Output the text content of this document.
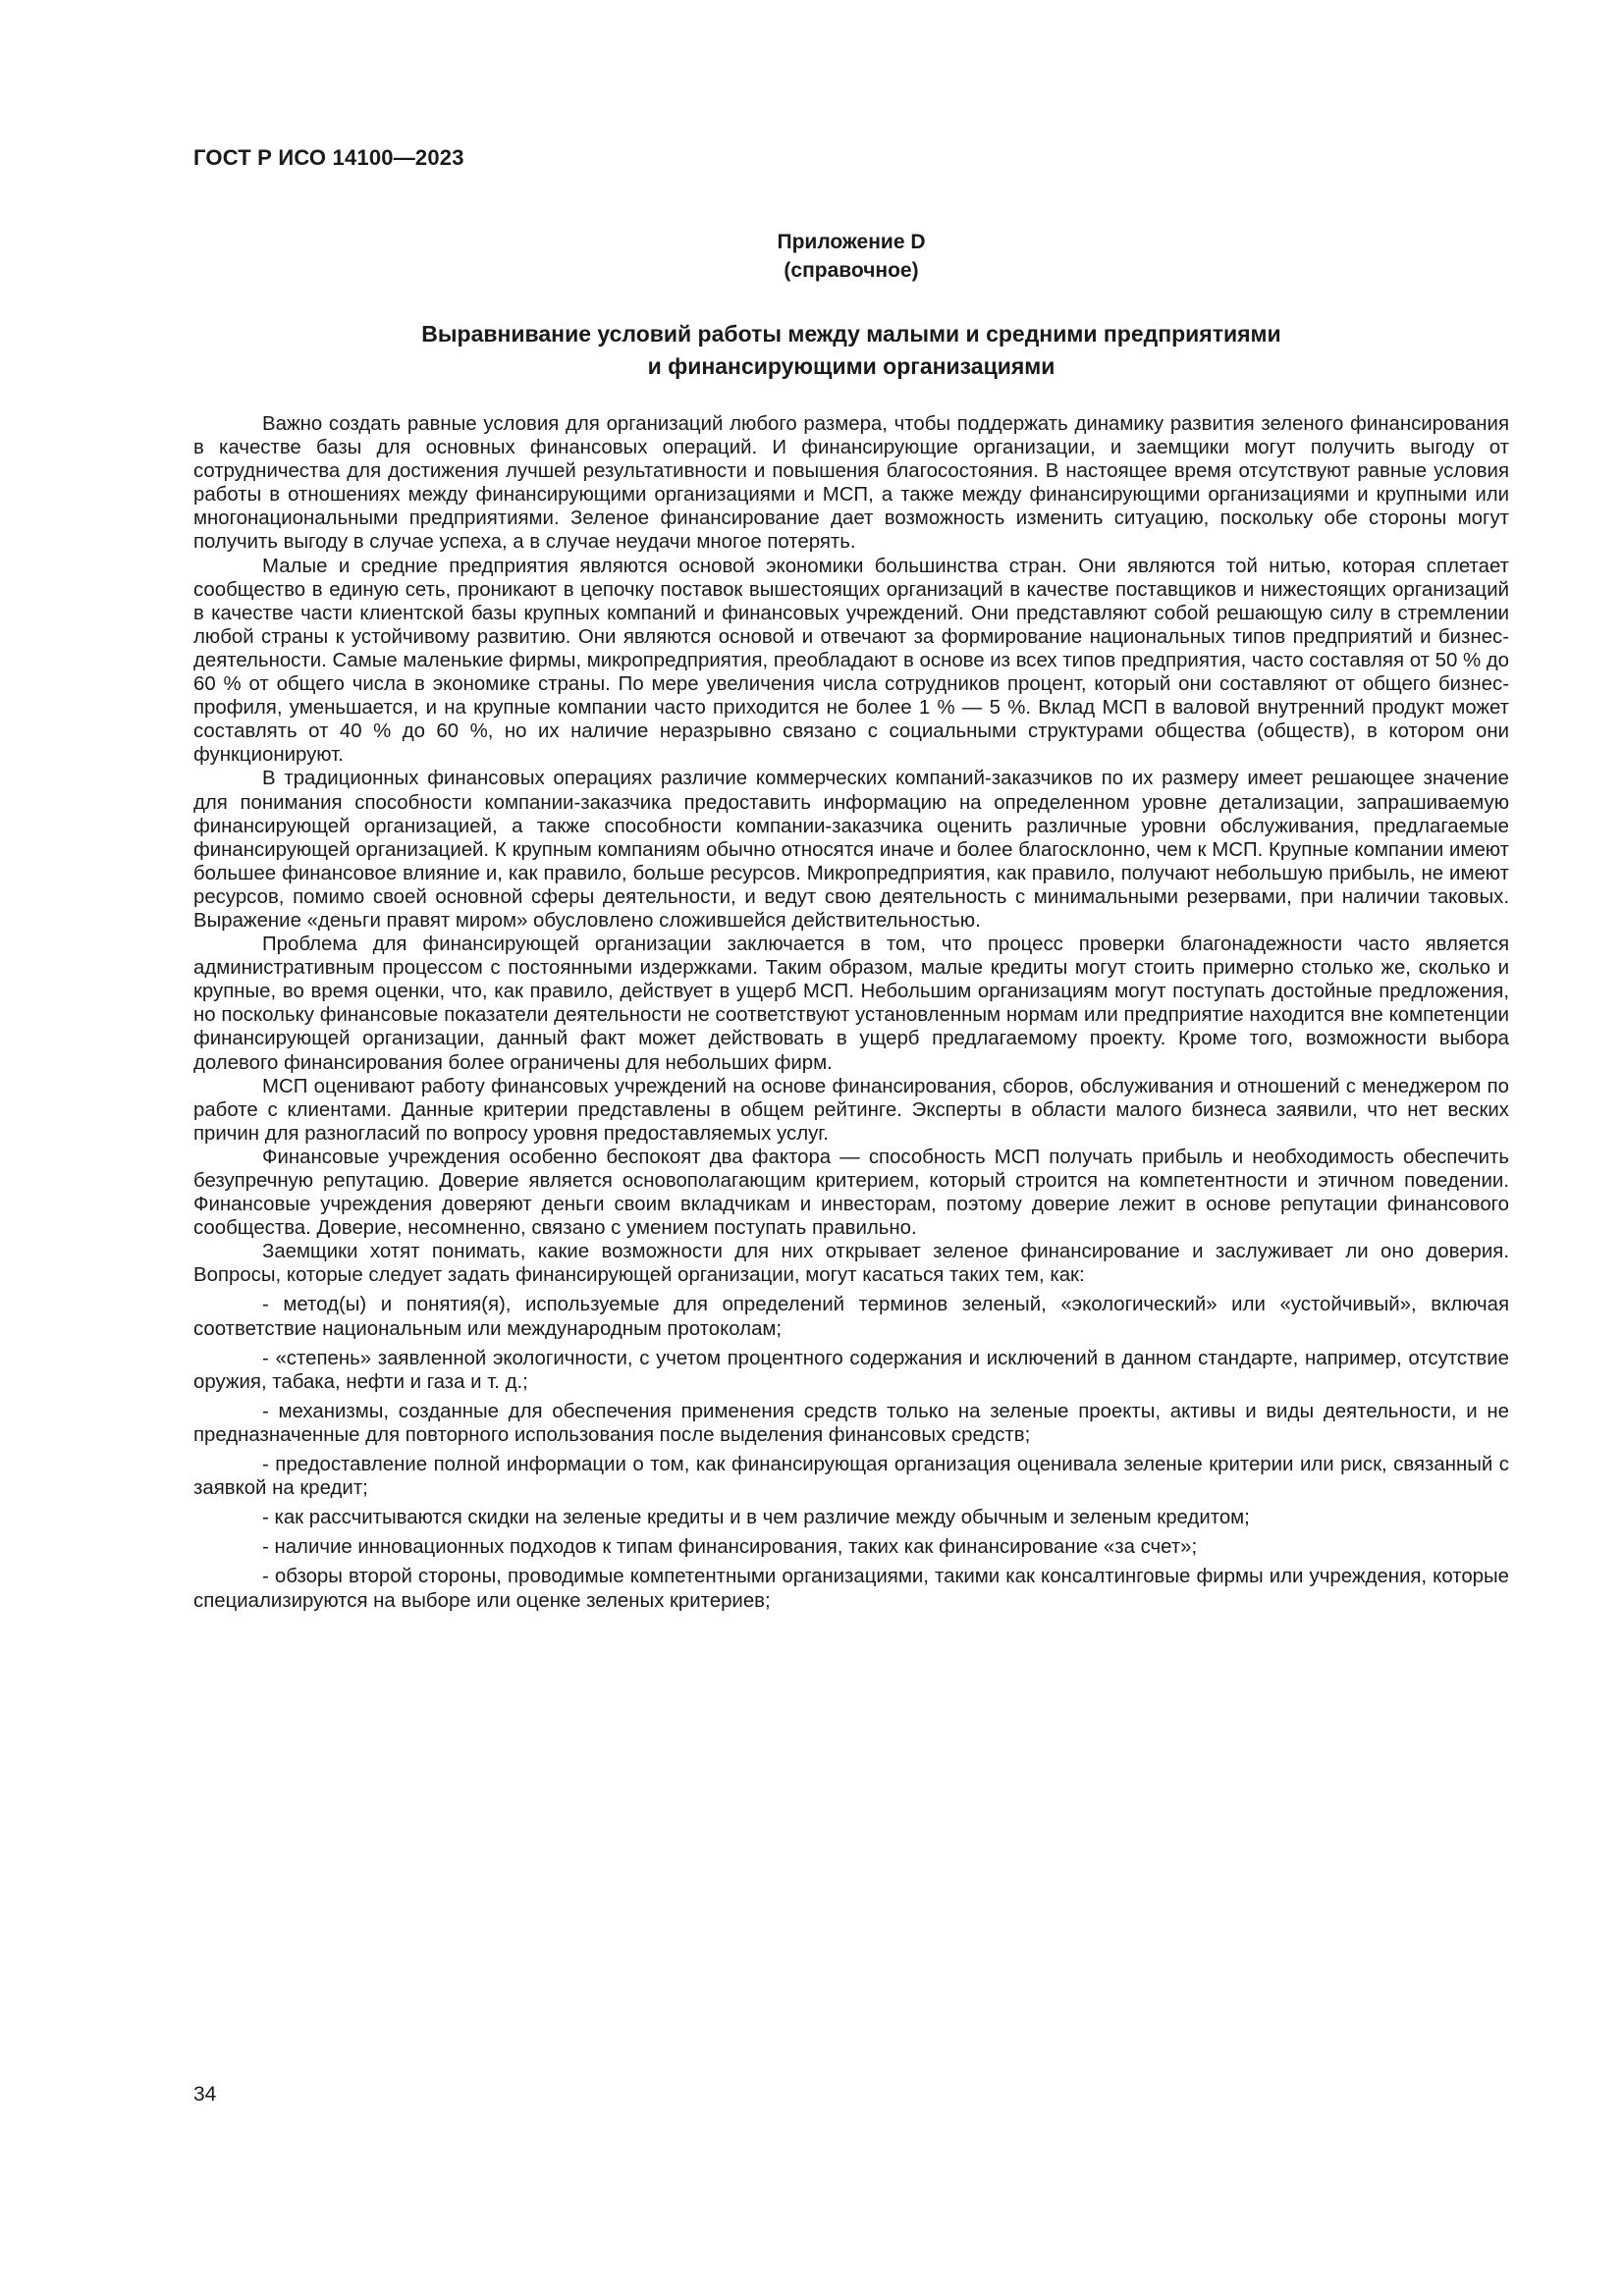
ГОСТ Р ИСО 14100—2023
Приложение D
(справочное)
Выравнивание условий работы между малыми и средними предприятиями
и финансирующими организациями

Важно создать равные условия для организаций любого размера, чтобы поддержать динамику развития зеленого финансирования в качестве базы для основных финансовых операций. И финансирующие организации, и заемщики могут получить выгоду от сотрудничества для достижения лучшей результативности и повышения благосостояния. В настоящее время отсутствуют равные условия работы в отношениях между финансирующими организациями и МСП, а также между финансирующими организациями и крупными или многонациональными предприятиями. Зеленое финансирование дает возможность изменить ситуацию, поскольку обе стороны могут получить выгоду в случае успеха, а в случае неудачи многое потерять.

Малые и средние предприятия являются основой экономики большинства стран. Они являются той нитью, которая сплетает сообщество в единую сеть, проникают в цепочку поставок вышестоящих организаций в качестве поставщиков и нижестоящих организаций в качестве части клиентской базы крупных компаний и финансовых учреждений. Они представляют собой решающую силу в стремлении любой страны к устойчивому развитию. Они являются основой и отвечают за формирование национальных типов предприятий и бизнес-деятельности. Самые маленькие фирмы, микропредприятия, преобладают в основе из всех типов предприятия, часто составляя от 50 % до 60 % от общего числа в экономике страны. По мере увеличения числа сотрудников процент, который они составляют от общего бизнес-профиля, уменьшается, и на крупные компании часто приходится не более 1 % — 5 %. Вклад МСП в валовой внутренний продукт может составлять от 40 % до 60 %, но их наличие неразрывно связано с социальными структурами общества (обществ), в котором они функционируют.

В традиционных финансовых операциях различие коммерческих компаний-заказчиков по их размеру имеет решающее значение для понимания способности компании-заказчика предоставить информацию на определенном уровне детализации, запрашиваемую финансирующей организацией, а также способности компании-заказчика оценить различные уровни обслуживания, предлагаемые финансирующей организацией. К крупным компаниям обычно относятся иначе и более благосклонно, чем к МСП. Крупные компании имеют большее финансовое влияние и, как правило, больше ресурсов. Микропредприятия, как правило, получают небольшую прибыль, не имеют ресурсов, помимо своей основной сферы деятельности, и ведут свою деятельность с минимальными резервами, при наличии таковых. Выражение «деньги правят миром» обусловлено сложившейся действительностью.

Проблема для финансирующей организации заключается в том, что процесс проверки благонадежности часто является административным процессом с постоянными издержками. Таким образом, малые кредиты могут стоить примерно столько же, сколько и крупные, во время оценки, что, как правило, действует в ущерб МСП. Небольшим организациям могут поступать достойные предложения, но поскольку финансовые показатели деятельности не соответствуют установленным нормам или предприятие находится вне компетенции финансирующей организации, данный факт может действовать в ущерб предлагаемому проекту. Кроме того, возможности выбора долевого финансирования более ограничены для небольших фирм.

МСП оценивают работу финансовых учреждений на основе финансирования, сборов, обслуживания и отношений с менеджером по работе с клиентами. Данные критерии представлены в общем рейтинге. Эксперты в области малого бизнеса заявили, что нет веских причин для разногласий по вопросу уровня предоставляемых услуг.

Финансовые учреждения особенно беспокоят два фактора — способность МСП получать прибыль и необходимость обеспечить безупречную репутацию. Доверие является основополагающим критерием, который строится на компетентности и этичном поведении. Финансовые учреждения доверяют деньги своим вкладчикам и инвесторам, поэтому доверие лежит в основе репутации финансового сообщества. Доверие, несомненно, связано с умением поступать правильно.

Заемщики хотят понимать, какие возможности для них открывает зеленое финансирование и заслуживает ли оно доверия. Вопросы, которые следует задать финансирующей организации, могут касаться таких тем, как:

- метод(ы) и понятия(я), используемые для определений терминов зеленый, «экологический» или «устойчивый», включая соответствие национальным или международным протоколам;
- «степень» заявленной экологичности, с учетом процентного содержания и исключений в данном стандарте, например, отсутствие оружия, табака, нефти и газа и т. д.;
- механизмы, созданные для обеспечения применения средств только на зеленые проекты, активы и виды деятельности, и не предназначенные для повторного использования после выделения финансовых средств;
- предоставление полной информации о том, как финансирующая организация оценивала зеленые критерии или риск, связанный с заявкой на кредит;
- как рассчитываются скидки на зеленые кредиты и в чем различие между обычным и зеленым кредитом;
- наличие инновационных подходов к типам финансирования, таких как финансирование «за счет»;
- обзоры второй стороны, проводимые компетентными организациями, такими как консалтинговые фирмы или учреждения, которые специализируются на выборе или оценке зеленых критериев;
34
